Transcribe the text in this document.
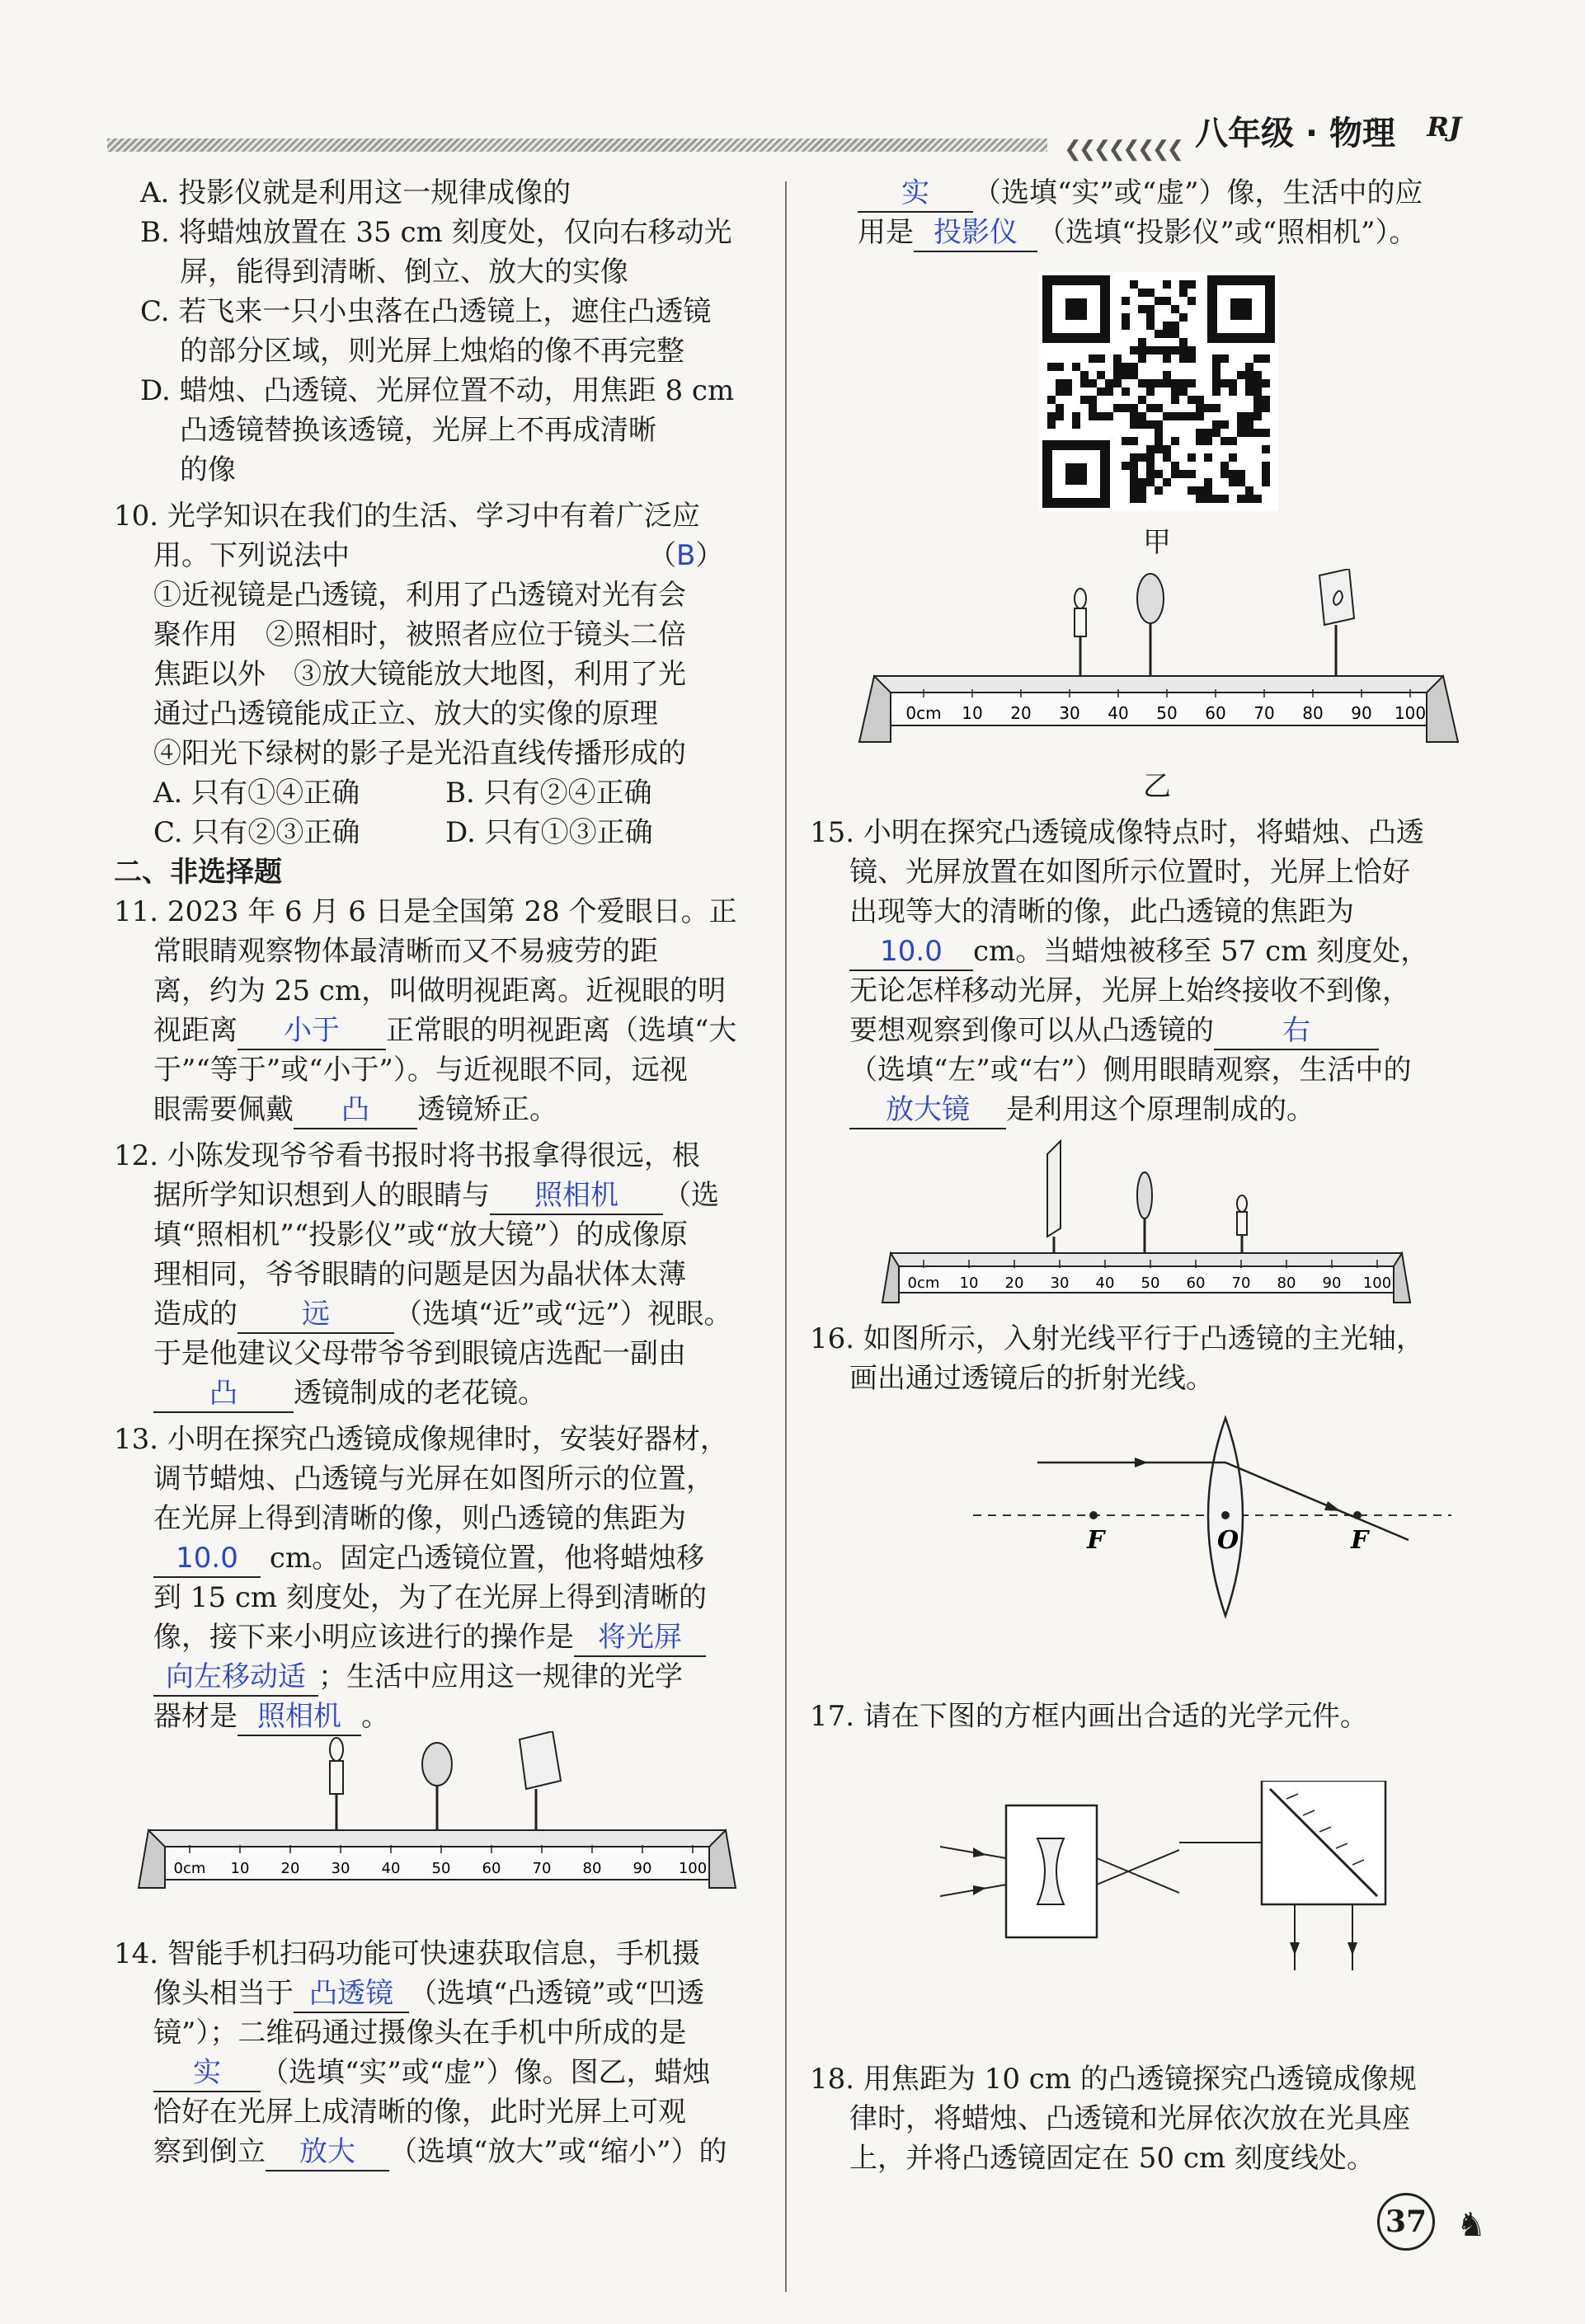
❮❮❮❮❮❮❮❮ 八年级 · 物理 RJ
A. 投影仪就是利用这一规律成像的
B. 将蜡烛放置在 35 cm 刻度处，仅向右移动光
屏，能得到清晰、倒立、放大的实像
C. 若飞来一只小虫落在凸透镜上，遮住凸透镜
的部分区域，则光屏上烛焰的像不再完整
D. 蜡烛、凸透镜、光屏位置不动，用焦距 8 cm
凸透镜替换该透镜，光屏上不再成清晰
的像
10. 光学知识在我们的生活、学习中有着广泛应
用。下列说法中	（B）
①近视镜是凸透镜，利用了凸透镜对光有会
聚作用　②照相时，被照者应位于镜头二倍
焦距以外　③放大镜能放大地图，利用了光
通过凸透镜能成正立、放大的实像的原理
④阳光下绿树的影子是光沿直线传播形成的
A. 只有①④正确	B. 只有②④正确
C. 只有②③正确	D. 只有①③正确
二、非选择题
11. 2023 年 6 月 6 日是全国第 28 个爱眼日。正
常眼睛观察物体最清晰而又不易疲劳的距
离，约为 25 cm，叫做明视距离。近视眼的明
视距离 小于 正常眼的明视距离（选填“大
于”“等于”或“小于”）。与近视眼不同，远视
眼需要佩戴 凸 透镜矫正。
12. 小陈发现爷爷看书报时将书报拿得很远，根
据所学知识想到人的眼睛与 照相机 （选
填“照相机”“投影仪”或“放大镜”）的成像原
理相同，爷爷眼睛的问题是因为晶状体太薄
造成的 远 （选填“近”或“远”）视眼。
于是他建议父母带爷爷到眼镜店选配一副由
凸 透镜制成的老花镜。
13. 小明在探究凸透镜成像规律时，安装好器材，
调节蜡烛、凸透镜与光屏在如图所示的位置，
在光屏上得到清晰的像，则凸透镜的焦距为
10.0 cm。固定凸透镜位置，他将蜡烛移
到 15 cm 刻度处，为了在光屏上得到清晰的
像，接下来小明应该进行的操作是 将光屏
向左移动适 ；生活中应用这一规律的光学
器材是 照相机 。
0cm 10 20 30 40 50 60 70 80 90 100
14. 智能手机扫码功能可快速获取信息，手机摄
像头相当于 凸透镜 （选填“凸透镜”或“凹透
镜”）；二维码通过摄像头在手机中所成的是
实 （选填“实”或“虚”）像。图乙，蜡烛
恰好在光屏上成清晰的像，此时光屏上可观
察到倒立 放大 （选填“放大”或“缩小”）的
实 （选填“实”或“虚”）像，生活中的应
用是 投影仪 （选填“投影仪”或“照相机”）。
甲
0cm 10 20 30 40 50 60 70 80 90 100
乙
15. 小明在探究凸透镜成像特点时，将蜡烛、凸透
镜、光屏放置在如图所示位置时，光屏上恰好
出现等大的清晰的像，此凸透镜的焦距为
10.0 cm。当蜡烛被移至 57 cm 刻度处，
无论怎样移动光屏，光屏上始终接收不到像，
要想观察到像可以从凸透镜的 右
（选填“左”或“右”）侧用眼睛观察，生活中的
放大镜 是利用这个原理制成的。
0cm 10 20 30 40 50 60 70 80 90 100
16. 如图所示，入射光线平行于凸透镜的主光轴，
画出通过透镜后的折射光线。
F	O	F
17. 请在下图的方框内画出合适的光学元件。
18. 用焦距为 10 cm 的凸透镜探究凸透镜成像规
律时，将蜡烛、凸透镜和光屏依次放在光具座
上，并将凸透镜固定在 50 cm 刻度线处。
37 ♞
